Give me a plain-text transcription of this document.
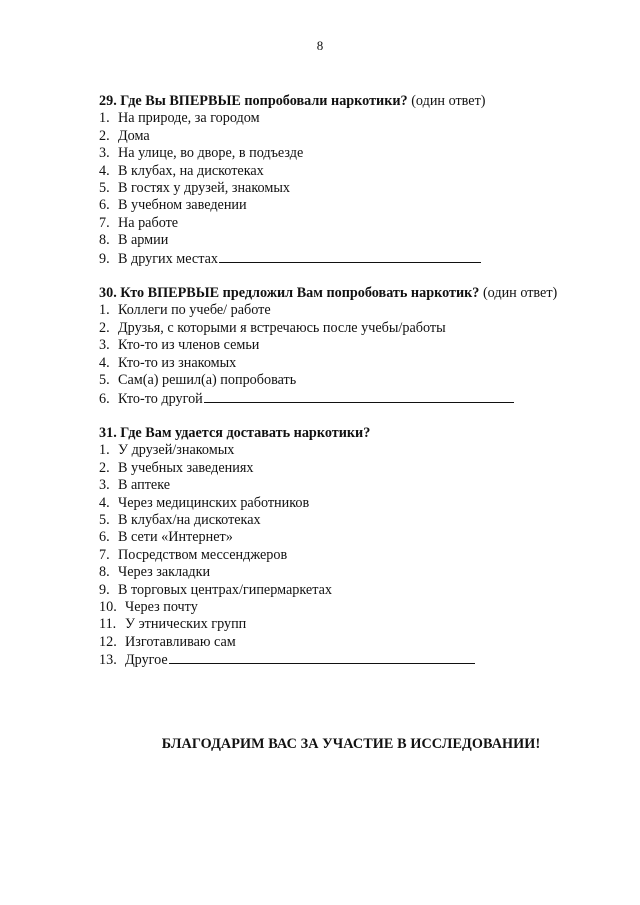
8
29. Где Вы ВПЕРВЫЕ попробовали наркотики? (один ответ)
1. На природе, за городом
2. Дома
3. На улице, во дворе, в подъезде
4. В клубах, на дискотеках
5. В гостях у друзей, знакомых
6. В учебном заведении
7. На работе
8. В армии
9. В других местах
30. Кто ВПЕРВЫЕ предложил Вам попробовать наркотик? (один ответ)
1. Коллеги по учебе/ работе
2. Друзья, с которыми я встречаюсь после учебы/работы
3. Кто-то из членов семьи
4. Кто-то из знакомых
5. Сам(а) решил(а) попробовать
6. Кто-то другой
31. Где Вам удается доставать наркотики?
1. У друзей/знакомых
2. В учебных заведениях
3. В аптеке
4. Через медицинских работников
5. В клубах/на дискотеках
6. В сети «Интернет»
7. Посредством мессенджеров
8. Через закладки
9. В торговых центрах/гипермаркетах
10. Через почту
11. У этнических групп
12. Изготавливаю сам
13. Другое
БЛАГОДАРИМ ВАС ЗА УЧАСТИЕ В ИССЛЕДОВАНИИ!
